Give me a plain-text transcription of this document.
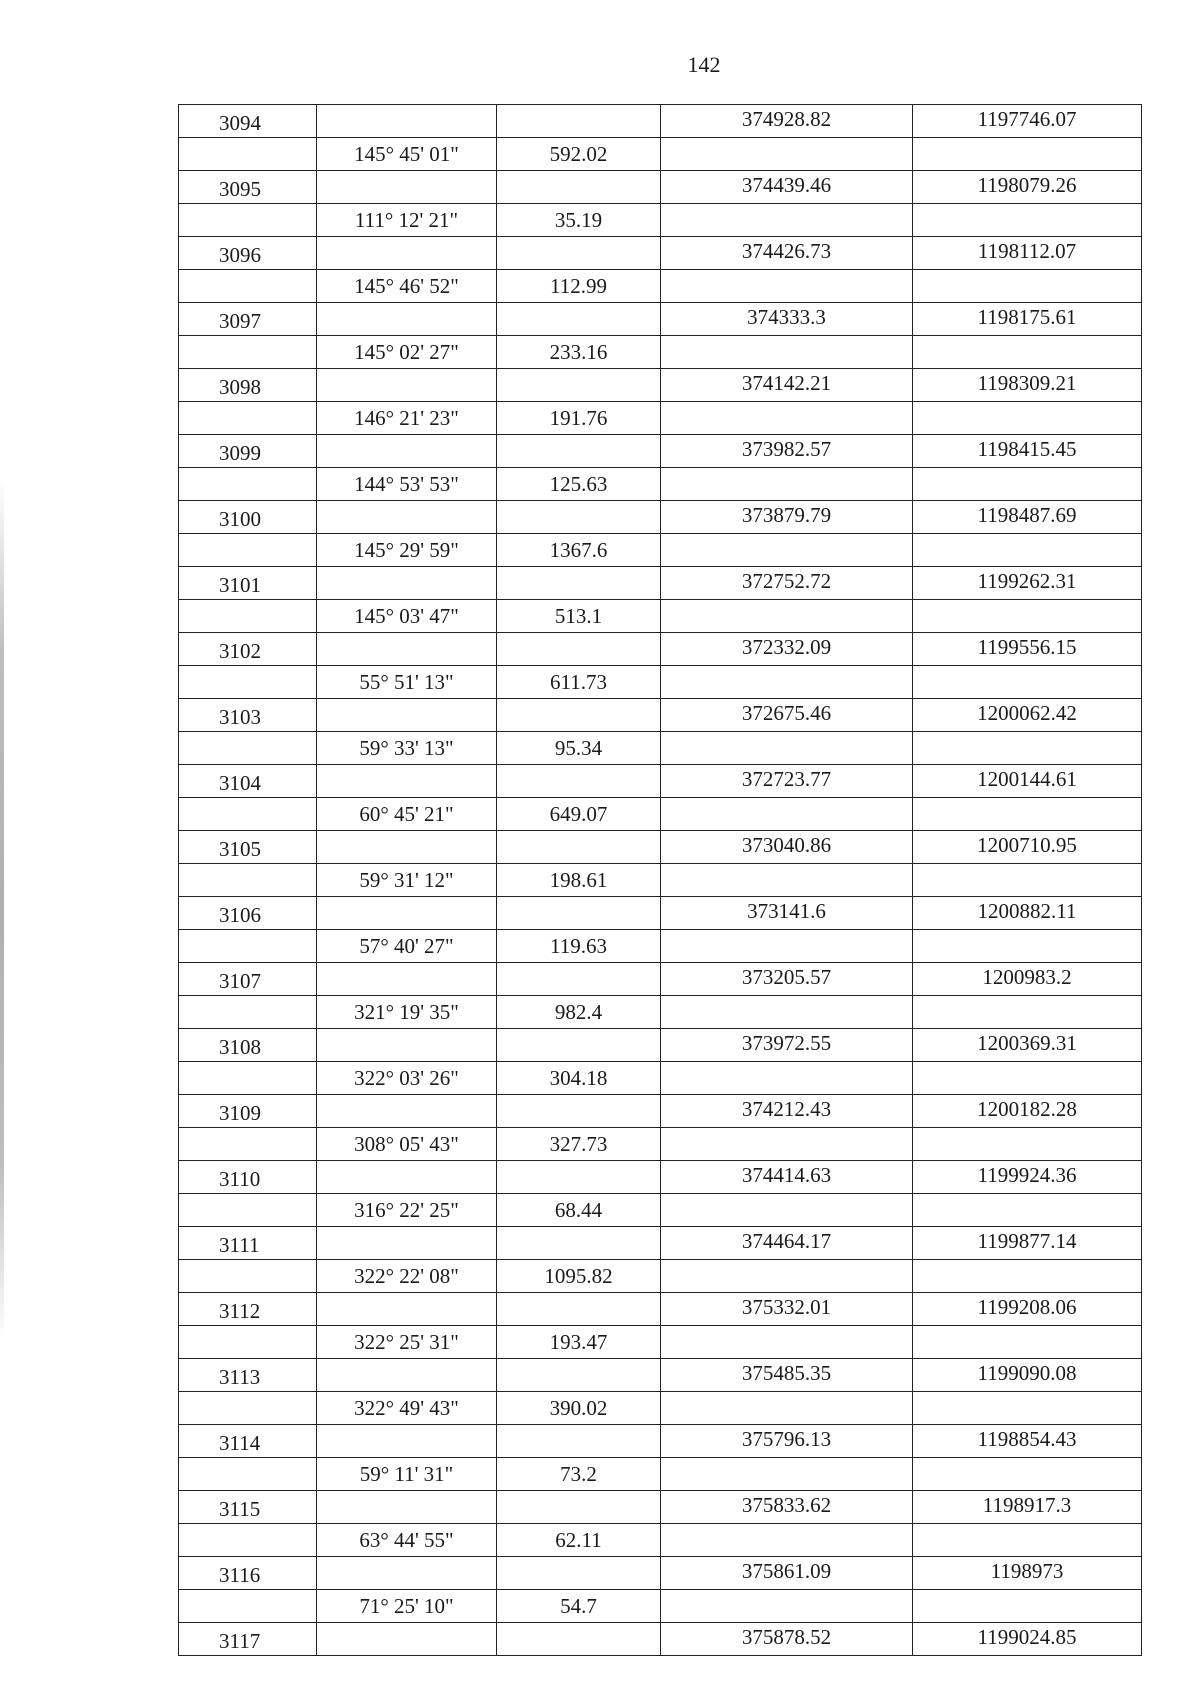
142
3094			374928.82	1197746.07
	145° 45' 01"	592.02		
3095			374439.46	1198079.26
	111° 12' 21"	35.19		
3096			374426.73	1198112.07
	145° 46' 52"	112.99		
3097			374333.3	1198175.61
	145° 02' 27"	233.16		
3098			374142.21	1198309.21
	146° 21' 23"	191.76		
3099			373982.57	1198415.45
	144° 53' 53"	125.63		
3100			373879.79	1198487.69
	145° 29' 59"	1367.6		
3101			372752.72	1199262.31
	145° 03' 47"	513.1		
3102			372332.09	1199556.15
	55° 51' 13"	611.73		
3103			372675.46	1200062.42
	59° 33' 13"	95.34		
3104			372723.77	1200144.61
	60° 45' 21"	649.07		
3105			373040.86	1200710.95
	59° 31' 12"	198.61		
3106			373141.6	1200882.11
	57° 40' 27"	119.63		
3107			373205.57	1200983.2
	321° 19' 35"	982.4		
3108			373972.55	1200369.31
	322° 03' 26"	304.18		
3109			374212.43	1200182.28
	308° 05' 43"	327.73		
3110			374414.63	1199924.36
	316° 22' 25"	68.44		
3111			374464.17	1199877.14
	322° 22' 08"	1095.82		
3112			375332.01	1199208.06
	322° 25' 31"	193.47		
3113			375485.35	1199090.08
	322° 49' 43"	390.02		
3114			375796.13	1198854.43
	59° 11' 31"	73.2		
3115			375833.62	1198917.3
	63° 44' 55"	62.11		
3116			375861.09	1198973
	71° 25' 10"	54.7		
3117			375878.52	1199024.85
